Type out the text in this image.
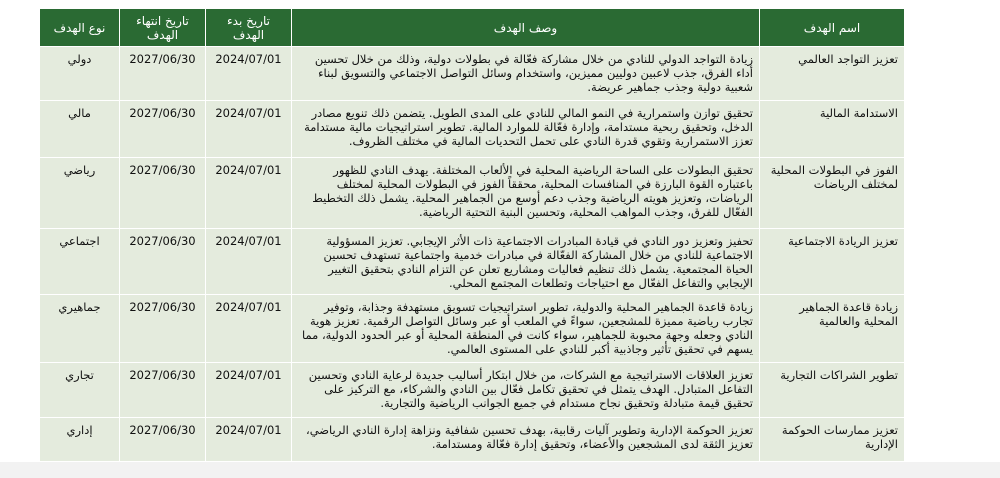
اسم الهدف	وصف الهدف	تاريخ بدء الهدف	تاريخ انتهاء الهدف	نوع الهدف
تعزيز التواجد العالمي	زيادة التواجد الدولي للنادي من خلال مشاركة فعّالة في بطولات دولية، وذلك من خلال تحسين أداء الفرق، جذب لاعبين دوليين مميزين، واستخدام وسائل التواصل الاجتماعي والتسويق لبناء شعبية دولية وجذب جماهير عريضة.	2024/07/01	2027/06/30	دولي
الاستدامة المالية	تحقيق توازن واستمرارية في النمو المالي للنادي على المدى الطويل. يتضمن ذلك تنويع مصادر الدخل، وتحقيق ربحية مستدامة، وإدارة فعّالة للموارد المالية. تطوير استراتيجيات مالية مستدامة تعزز الاستمرارية وتقوي قدرة النادي على تحمل التحديات المالية في مختلف الظروف.	2024/07/01	2027/06/30	مالي
الفوز في البطولات المحلية لمختلف الرياضات	تحقيق البطولات على الساحة الرياضية المحلية في الألعاب المختلفة. يهدف النادي للظهور باعتباره القوة البارزة في المنافسات المحلية، محققاً الفوز في البطولات المحلية لمختلف الرياضات، وتعزيز هويته الرياضية وجذب دعم أوسع من الجماهير المحلية. يشمل ذلك التخطيط الفعّال للفرق، وجذب المواهب المحلية، وتحسين البنية التحتية الرياضية.	2024/07/01	2027/06/30	رياضي
تعزيز الريادة الاجتماعية	تحفيز وتعزيز دور النادي في قيادة المبادرات الاجتماعية ذات الأثر الإيجابي. تعزيز المسؤولية الاجتماعية للنادي من خلال المشاركة الفعّالة في مبادرات خدمية واجتماعية تستهدف تحسين الحياة المجتمعية. يشمل ذلك تنظيم فعاليات ومشاريع تعلن عن التزام النادي بتحقيق التغيير الإيجابي والتفاعل الفعّال مع احتياجات وتطلعات المجتمع المحلي.	2024/07/01	2027/06/30	اجتماعي
زيادة قاعدة الجماهير المحلية والعالمية	زيادة قاعدة الجماهير المحلية والدولية، تطوير استراتيجيات تسويق مستهدفة وجذابة، وتوفير تجارب رياضية مميزة للمشجعين، سواءً في الملعب أو عبر وسائل التواصل الرقمية. تعزيز هوية النادي وجعله وجهة محبوبة للجماهير، سواء كانت في المنطقة المحلية أو عبر الحدود الدولية، مما يسهم في تحقيق تأثير وجاذبية أكبر للنادي على المستوى العالمي.	2024/07/01	2027/06/30	جماهيري
تطوير الشراكات التجارية	تعزيز العلاقات الاستراتيجية مع الشركات، من خلال ابتكار أساليب جديدة لرعاية النادي وتحسين التفاعل المتبادل. الهدف يتمثل في تحقيق تكامل فعّال بين النادي والشركاء، مع التركيز على تحقيق قيمة متبادلة وتحقيق نجاح مستدام في جميع الجوانب الرياضية والتجارية.	2024/07/01	2027/06/30	تجاري
تعزيز ممارسات الحوكمة الإدارية	تعزيز الحوكمة الإدارية وتطوير آليات رقابية، بهدف تحسين شفافية ونزاهة إدارة النادي الرياضي، تعزيز الثقة لدى المشجعين والأعضاء، وتحقيق إدارة فعّالة ومستدامة.	2024/07/01	2027/06/30	إداري
